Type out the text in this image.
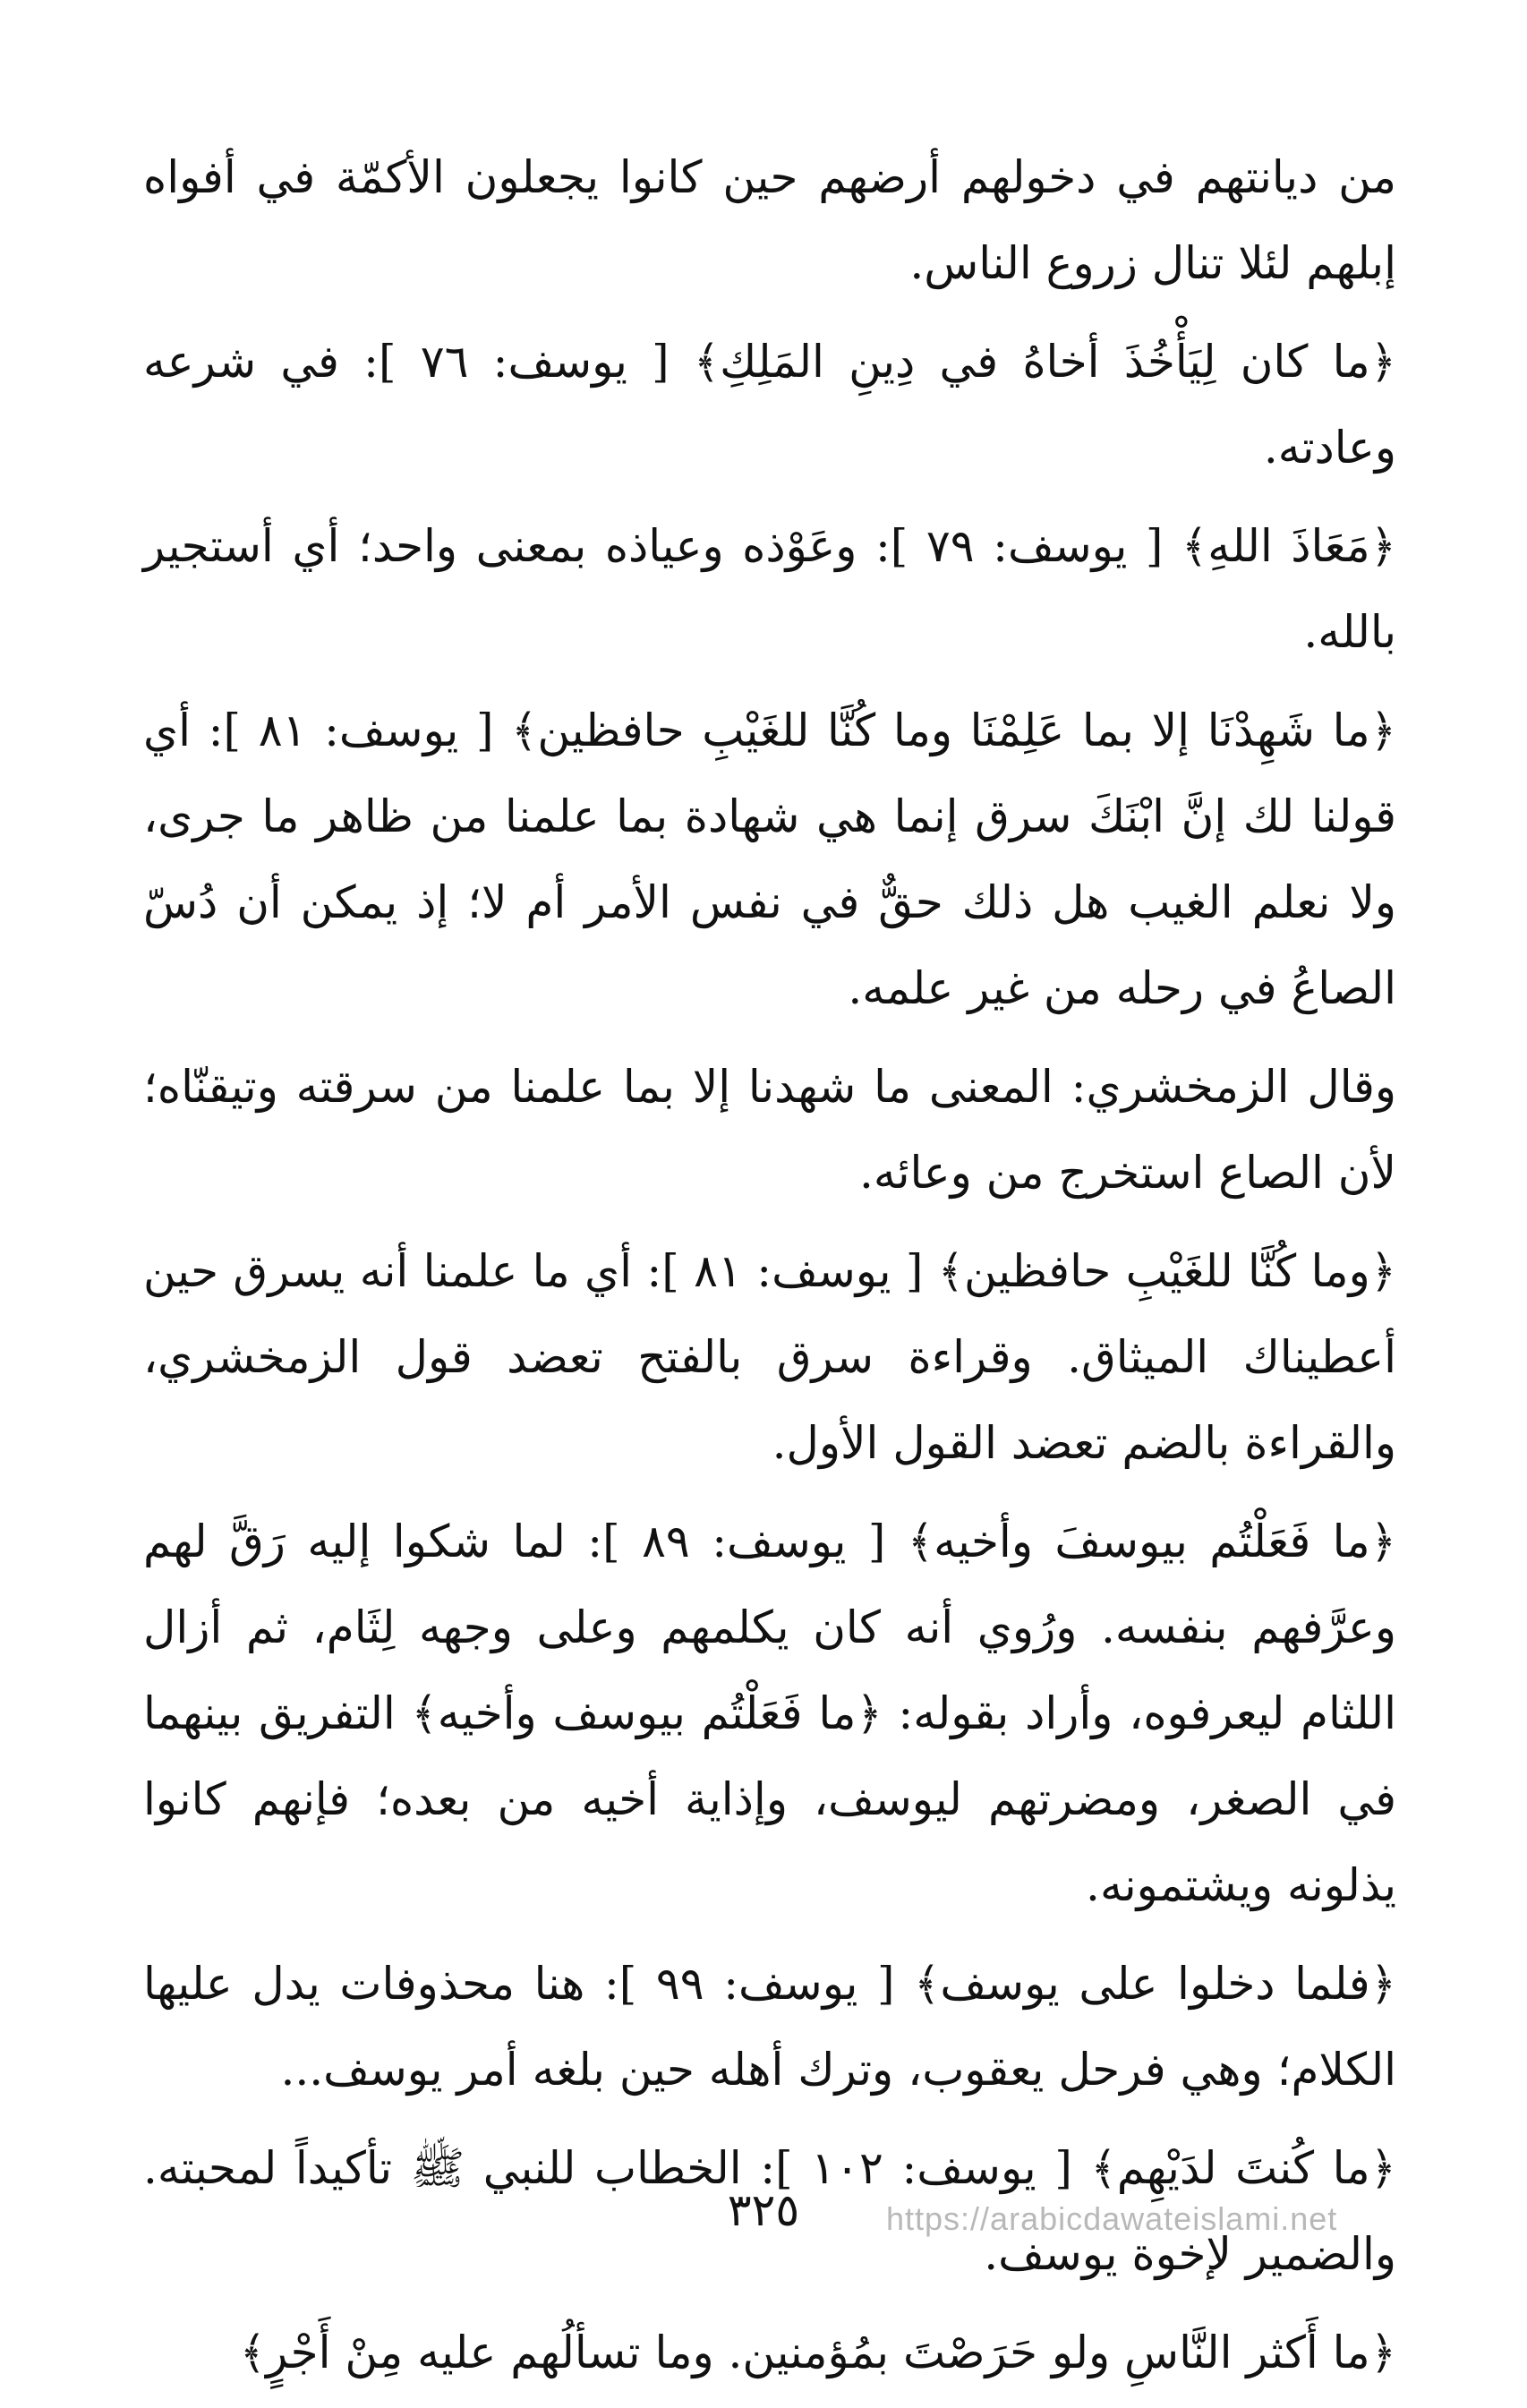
من ديانتهم في دخولهم أرضهم حين كانوا يجعلون الأكمّة في أفواه إبلهم لئلا تنال زروع الناس.

﴿ما كان لِيَأْخُذَ أخاهُ في دِينِ المَلِكِ﴾ [ يوسف: ٧٦ ]: في شرعه وعادته.

﴿مَعَاذَ اللهِ﴾ [ يوسف: ٧٩ ]: وعَوْذه وعياذه بمعنى واحد؛ أي أستجير بالله.

﴿ما شَهِدْنَا إلا بما عَلِمْنَا وما كُنَّا للغَيْبِ حافظين﴾ [ يوسف: ٨١ ]: أي قولنا لك إنَّ ابْنَكَ سرق إنما هي شهادة بما علمنا من ظاهر ما جرى، ولا نعلم الغيب هل ذلك حقٌّ في نفس الأمر أم لا؛ إذ يمكن أن دُسّ الصاعُ في رحله من غير علمه.

وقال الزمخشري: المعنى ما شهدنا إلا بما علمنا من سرقته وتيقنّاه؛ لأن الصاع استخرج من وعائه.

﴿وما كُنَّا للغَيْبِ حافظين﴾ [ يوسف: ٨١ ]: أي ما علمنا أنه يسرق حين أعطيناك الميثاق. وقراءة سرق بالفتح تعضد قول الزمخشري، والقراءة بالضم تعضد القول الأول.

﴿ما فَعَلْتُم بيوسفَ وأخيه﴾ [ يوسف: ٨٩ ]: لما شكوا إليه رَقَّ لهم وعرَّفهم بنفسه. ورُوي أنه كان يكلمهم وعلى وجهه لِثَام، ثم أزال اللثام ليعرفوه، وأراد بقوله: ﴿ما فَعَلْتُم بيوسف وأخيه﴾ التفريق بينهما في الصغر، ومضرتهم ليوسف، وإذاية أخيه من بعده؛ فإنهم كانوا يذلونه ويشتمونه.

﴿فلما دخلوا على يوسف﴾ [ يوسف: ٩٩ ]: هنا محذوفات يدل عليها الكلام؛ وهي فرحل يعقوب، وترك أهله حين بلغه أمر يوسف...

﴿ما كُنتَ لدَيْهِم﴾ [ يوسف: ١٠٢ ]: الخطاب للنبي ﷺ تأكيداً لمحبته. والضمير لإخوة يوسف.

﴿ما أَكثر النَّاسِ ولو حَرَصْتَ بمُؤمنين. وما تسألُهم عليه مِنْ أَجْرٍ﴾

٣٢٥	https://arabicdawateislami.net
